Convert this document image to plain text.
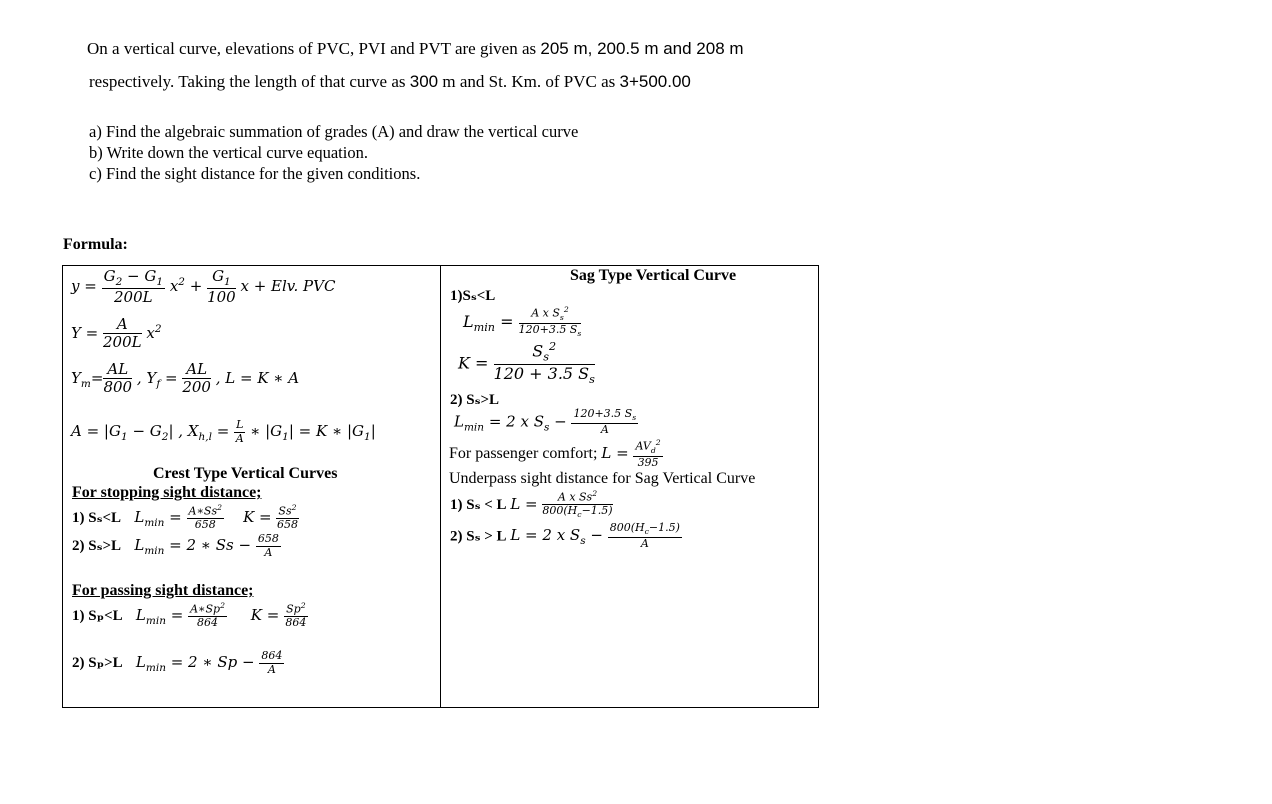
On a vertical curve, elevations of PVC, PVI and PVT are given as 205 m, 200.5 m and 208 m
respectively. Taking the length of that curve as 300 m and St. Km. of PVC as 3+500.00
a) Find the algebraic summation of grades (A) and draw the vertical curve
b) Write down the vertical curve equation.
c) Find the sight distance for the given conditions.
Formula:
$y = \frac{G_2 - G_1}{200L} x^2 + \frac{G_1}{100}$ x + Elv. PVC
$Y = \frac{A}{200L} x^2$
$Y_m= \frac{AL}{800}$ , $Y_f = \frac{AL}{200}$ , L = K ∗ A
$A = |G_1 - G_2|$ , $X_{h,l} = \frac{L}{A}$ ∗ $|G_1| = K$ ∗ $|G_1|$
Crest Type Vertical Curves
For stopping sight distance;
1) Sₛ<L   $L_{min} = \frac{A∗Ss^2}{658}$ $K = \frac{Ss^2}{658}$
2) Sₛ>L   $L_{min} = 2$ ∗ $Ss - \frac{658}{A}$
For passing sight distance;
1) Sₚ<L   $L_{min} = \frac{A∗Sp^2}{864}$ $K = \frac{Sp^2}{864}$
2) Sₚ>L   $L_{min} = 2$ ∗ $Sp - \frac{864}{A}$

Sag Type Vertical Curve
1)Sₛ<L
$L_{min} = \frac{A x S_s^2}{120+3.5 S_s}$
$K = \frac{S_s^2}{120 + 3.5 S_s}$
2) Sₛ>L
$L_{min} = 2$ x $S_s - \frac{120+3.5 S_s}{A}$
For passenger comfort; $L = \frac{AV_d^2}{395}$
Underpass sight distance for Sag Vertical Curve
1) Sₛ < L $L = \frac{A x Ss^2}{800(H_c-1.5)}$
2) Sₛ > L L = 2 x $S_s - \frac{800(H_c-1.5)}{A}$
